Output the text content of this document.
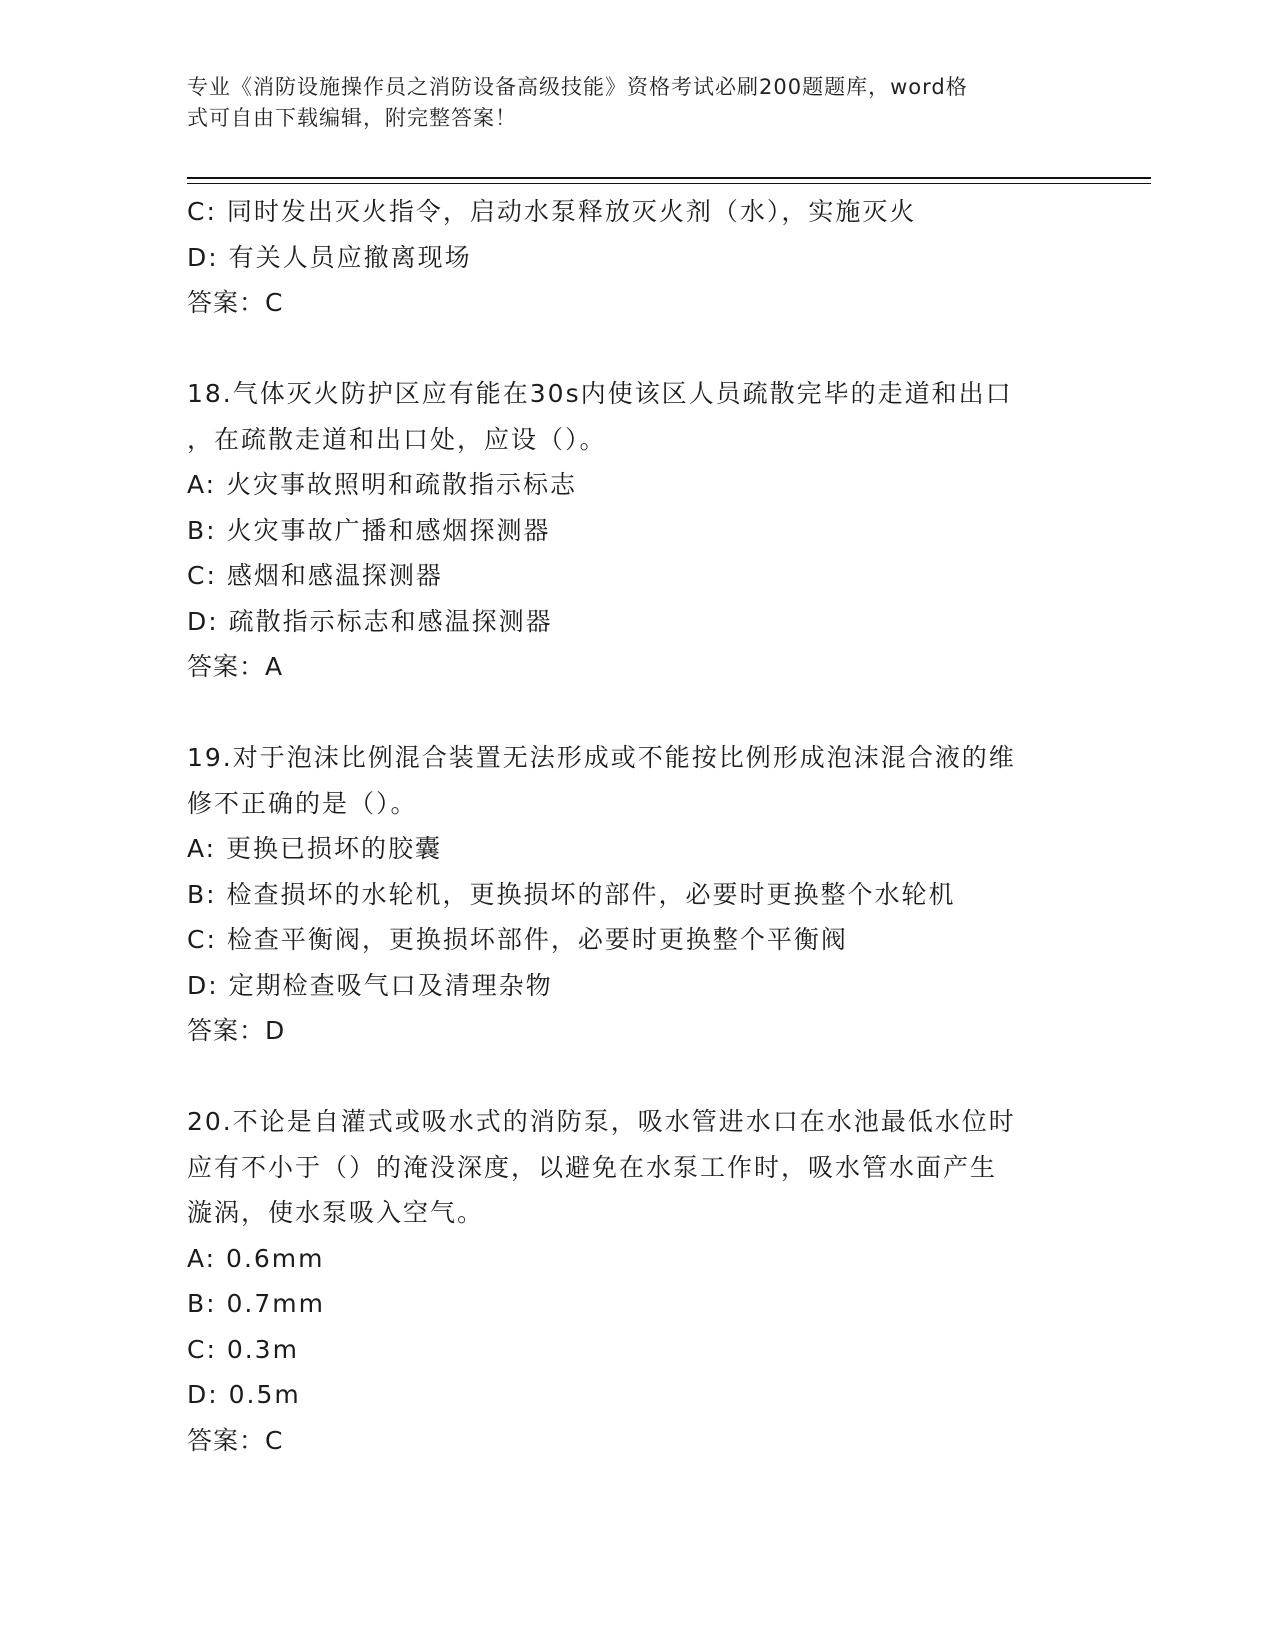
专业《消防设施操作员之消防设备高级技能》资格考试必刷200题题库，word格
式可自由下载编辑，附完整答案！

C: 同时发出灭火指令，启动水泵释放灭火剂（水），实施灭火

D: 有关人员应撤离现场

答案：C

18.气体灭火防护区应有能在30s内使该区人员疏散完毕的走道和出口

，在疏散走道和出口处，应设（）。

A: 火灾事故照明和疏散指示标志

B: 火灾事故广播和感烟探测器

C: 感烟和感温探测器

D: 疏散指示标志和感温探测器

答案：A

19.对于泡沫比例混合装置无法形成或不能按比例形成泡沫混合液的维

修不正确的是（）。

A: 更换已损坏的胶囊

B: 检查损坏的水轮机，更换损坏的部件，必要时更换整个水轮机

C: 检查平衡阀，更换损坏部件，必要时更换整个平衡阀

D: 定期检查吸气口及清理杂物

答案：D

20.不论是自灌式或吸水式的消防泵，吸水管进水口在水池最低水位时

应有不小于（）的淹没深度，以避免在水泵工作时，吸水管水面产生

漩涡，使水泵吸入空气。

A: 0.6mm

B: 0.7mm

C: 0.3m

D: 0.5m

答案：C
